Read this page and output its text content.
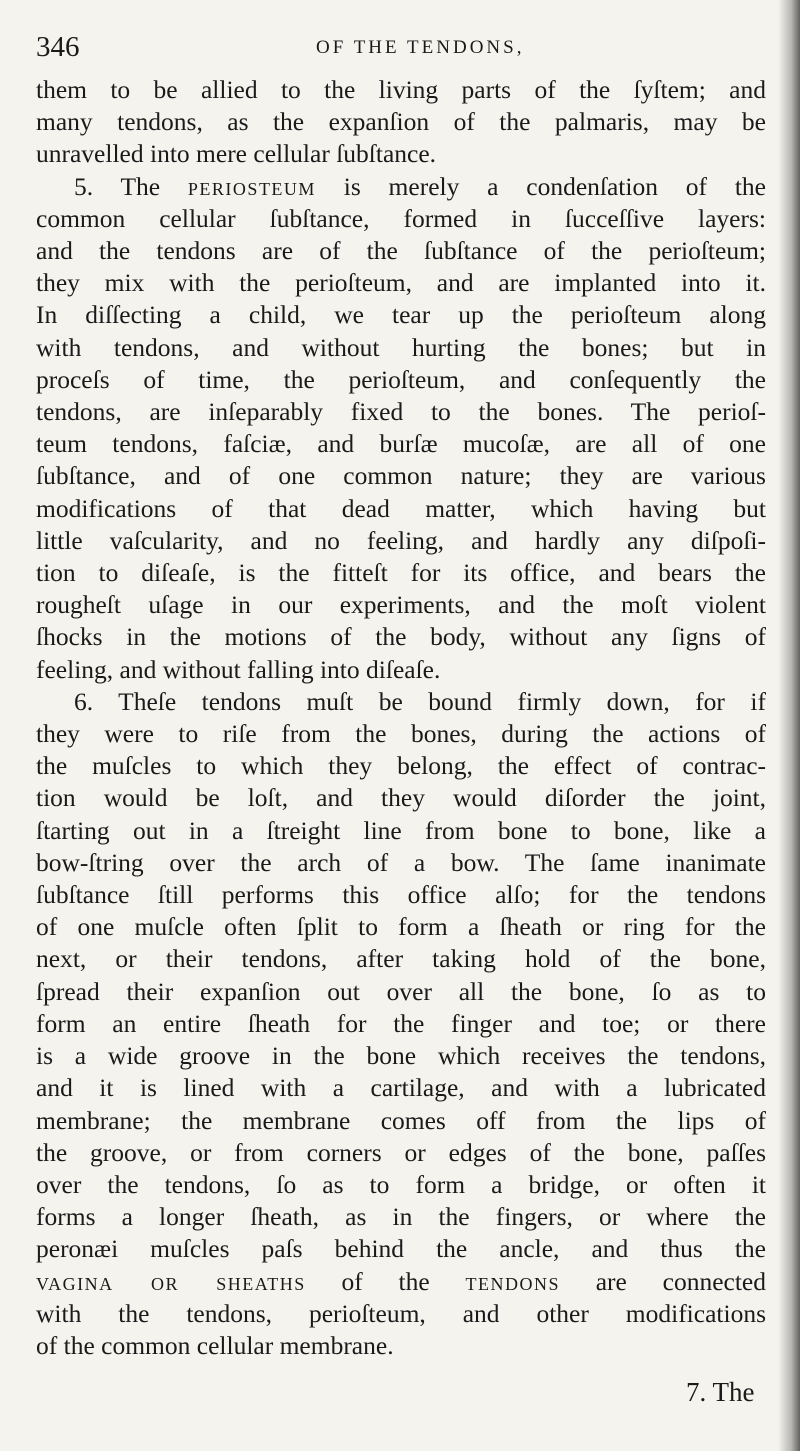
346	OF THE TENDONS,
them to be allied to the living parts of the ſyſtem; and
many tendons, as the expanſion of the palmaris, may be
unravelled into mere cellular ſubſtance.
5. The periosteum is merely a condenſation of the
common cellular ſubſtance, formed in ſucceſſive layers:
and the tendons are of the ſubſtance of the perioſteum;
they mix with the perioſteum, and are implanted into it.
In diſſecting a child, we tear up the perioſteum along
with tendons, and without hurting the bones; but in
proceſs of time, the perioſteum, and conſequently the
tendons, are inſeparably fixed to the bones. The perioſ-
teum tendons, faſciæ, and burſæ mucoſæ, are all of one
ſubſtance, and of one common nature; they are various
modifications of that dead matter, which having but
little vaſcularity, and no feeling, and hardly any diſpoſi-
tion to diſeaſe, is the fitteſt for its office, and bears the
rougheſt uſage in our experiments, and the moſt violent
ſhocks in the motions of the body, without any ſigns of
feeling, and without falling into diſeaſe.
6. Theſe tendons muſt be bound firmly down, for if
they were to riſe from the bones, during the actions of
the muſcles to which they belong, the effect of contrac-
tion would be loſt, and they would diſorder the joint,
ſtarting out in a ſtreight line from bone to bone, like a
bow-ſtring over the arch of a bow. The ſame inanimate
ſubſtance ſtill performs this office alſo; for the tendons
of one muſcle often ſplit to form a ſheath or ring for the
next, or their tendons, after taking hold of the bone,
ſpread their expanſion out over all the bone, ſo as to
form an entire ſheath for the finger and toe; or there
is a wide groove in the bone which receives the tendons,
and it is lined with a cartilage, and with a lubricated
membrane; the membrane comes off from the lips of
the groove, or from corners or edges of the bone, paſſes
over the tendons, ſo as to form a bridge, or often it
forms a longer ſheath, as in the fingers, or where the
peronæi muſcles paſs behind the ancle, and thus the
vagina or sheaths of the tendons are connected
with the tendons, perioſteum, and other modifications
of the common cellular membrane.
7. The
